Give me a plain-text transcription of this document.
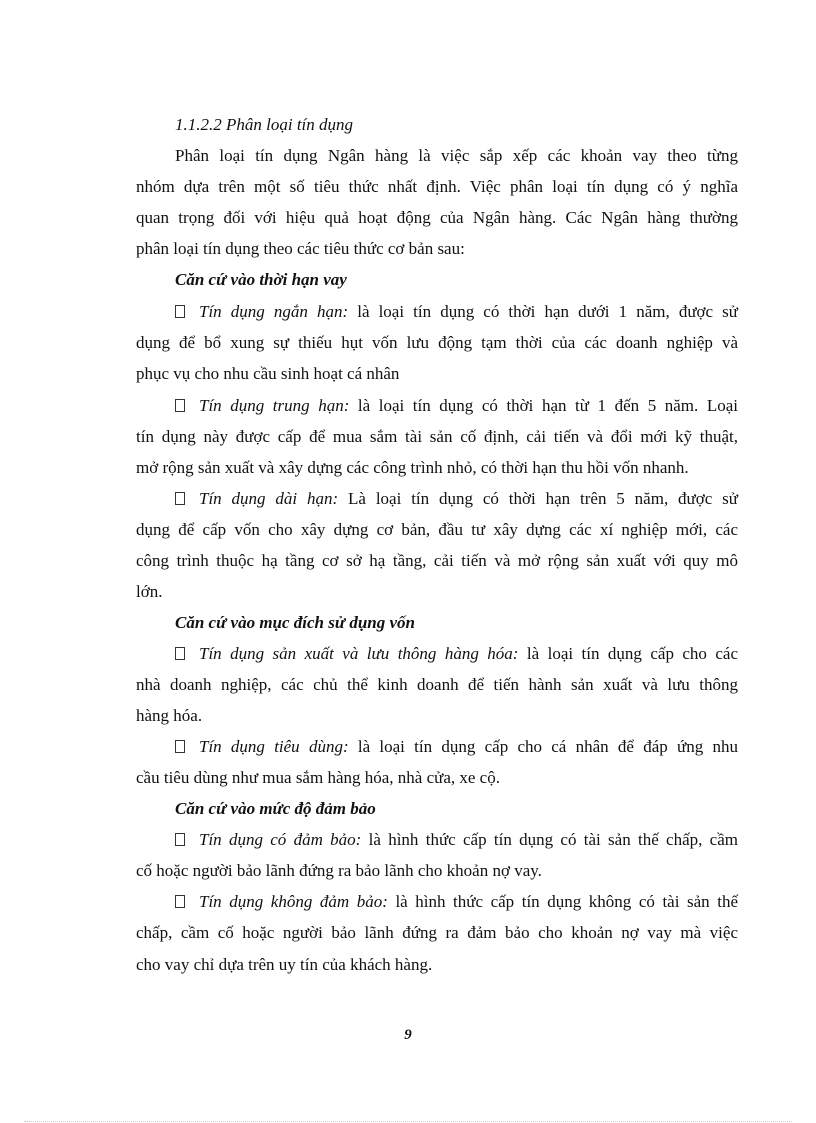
1.1.2.2 Phân loại tín dụng
Phân loại tín dụng Ngân hàng là việc sắp xếp các khoản vay theo từng
nhóm dựa trên một số tiêu thức nhất định. Việc phân loại tín dụng có ý nghĩa
quan trọng đối với hiệu quả hoạt động của Ngân hàng. Các Ngân hàng thường
phân loại tín dụng theo các tiêu thức cơ bản sau:
Căn cứ vào thời hạn vay
Tín dụng ngắn hạn: là loại tín dụng có thời hạn dưới 1 năm, được sử
dụng để bổ xung sự thiếu hụt vốn lưu động tạm thời của các doanh nghiệp và
phục vụ cho nhu cầu sinh hoạt cá nhân
Tín dụng trung hạn: là loại tín dụng có thời hạn từ 1 đến 5 năm. Loại
tín dụng này được cấp để mua sắm tài sản cố định, cải tiến và đổi mới kỹ thuật,
mở rộng sản xuất và xây dựng các công trình nhỏ, có thời hạn thu hồi vốn nhanh.
Tín dụng dài hạn: Là loại tín dụng có thời hạn trên 5 năm, được sử
dụng để cấp vốn cho xây dựng cơ bản, đầu tư xây dựng các xí nghiệp mới, các
công trình thuộc hạ tầng cơ sở hạ tầng, cải tiến và mở rộng sản xuất với quy mô
lớn.
Căn cứ vào mục đích sử dụng vốn
Tín dụng sản xuất và lưu thông hàng hóa: là loại tín dụng cấp cho các
nhà doanh nghiệp, các chủ thể kinh doanh để tiến hành sản xuất và lưu thông
hàng hóa.
Tín dụng tiêu dùng: là loại tín dụng cấp cho cá nhân để đáp ứng nhu
cầu tiêu dùng như mua sắm hàng hóa, nhà cửa, xe cộ.
Căn cứ vào mức độ đảm bảo
Tín dụng có đảm bảo: là hình thức cấp tín dụng có tài sản thế chấp, cầm
cố hoặc người bảo lãnh đứng ra bảo lãnh cho khoản nợ vay.
Tín dụng không đảm bảo: là hình thức cấp tín dụng không có tài sản thế
chấp, cầm cố hoặc người bảo lãnh đứng ra đảm bảo cho khoản nợ vay mà việc
cho vay chỉ dựa trên uy tín của khách hàng.
9
